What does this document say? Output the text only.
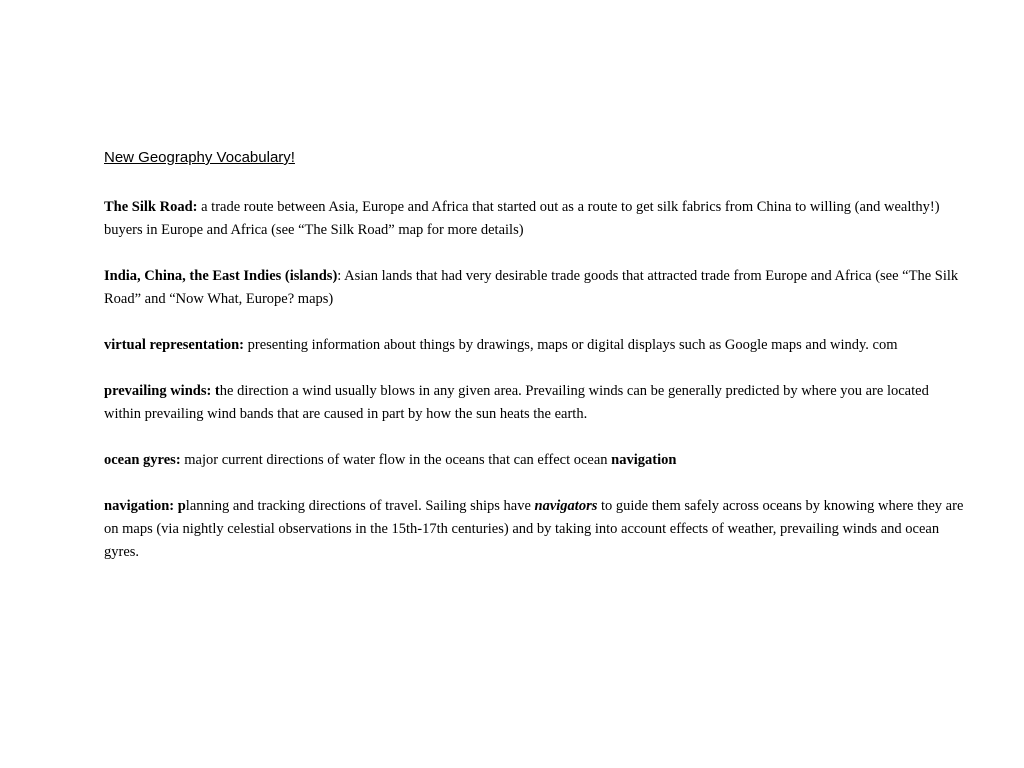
New Geography Vocabulary!

The Silk Road: a trade route between Asia, Europe and Africa that started out as a route to get silk fabrics from China to willing (and wealthy!) buyers in Europe and Africa (see “The Silk Road” map for more details)

India, China, the East Indies (islands): Asian lands that had very desirable trade goods that attracted trade from Europe and Africa (see “The Silk Road” and “Now What, Europe? maps)

virtual representation: presenting information about things by drawings, maps or digital displays such as Google maps and windy. com

prevailing winds: the direction a wind usually blows in any given area. Prevailing winds can be generally predicted by where you are located within prevailing wind bands that are caused in part by how the sun heats the earth.

ocean gyres: major current directions of water flow in the oceans that can effect ocean navigation

navigation: planning and tracking directions of travel. Sailing ships have navigators to guide them safely across oceans by knowing where they are on maps (via nightly celestial observations in the 15th-17th centuries) and by taking into account effects of weather, prevailing winds and ocean gyres.
